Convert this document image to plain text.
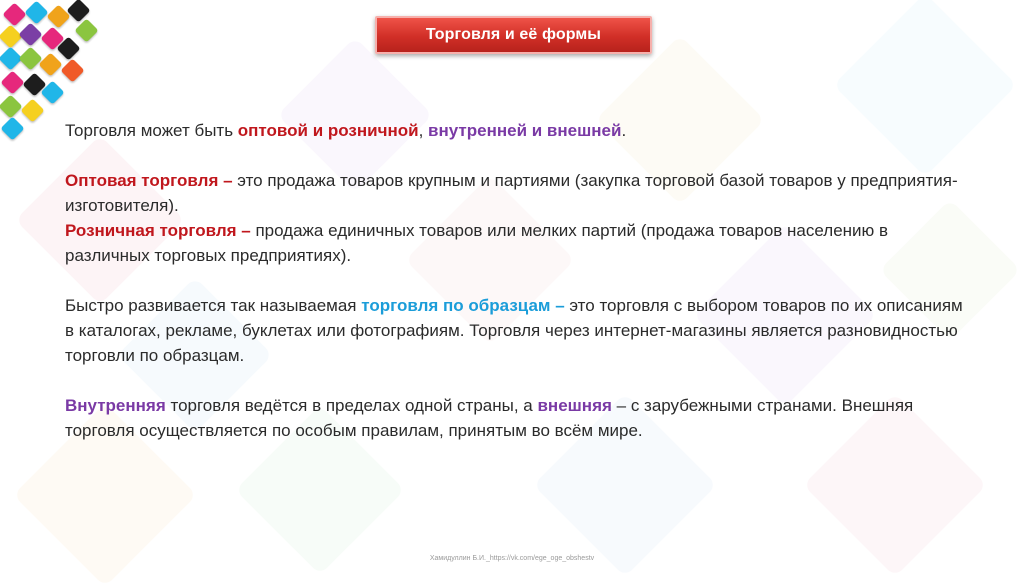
Торговля и её формы

Торговля может быть оптовой и розничной, внутренней и внешней.

Оптовая торговля – это продажа товаров крупным и партиями (закупка торговой базой товаров у предприятия-изготовителя).

Розничная торговля – продажа единичных товаров или мелких партий (продажа товаров населению в различных торговых предприятиях).

Быстро развивается так называемая торговля по образцам – это торговля с выбором товаров по их описаниям в каталогах, рекламе, буклетах или фотографиям. Торговля через интернет-магазины является разновидностью торговли по образцам.

Внутренняя торговля ведётся в пределах одной страны, а внешняя – с зарубежными странами. Внешняя торговля осуществляется по особым правилам, принятым во всём мире.

Хамидуллин Б.И._https://vk.com/ege_oge_obshestv
